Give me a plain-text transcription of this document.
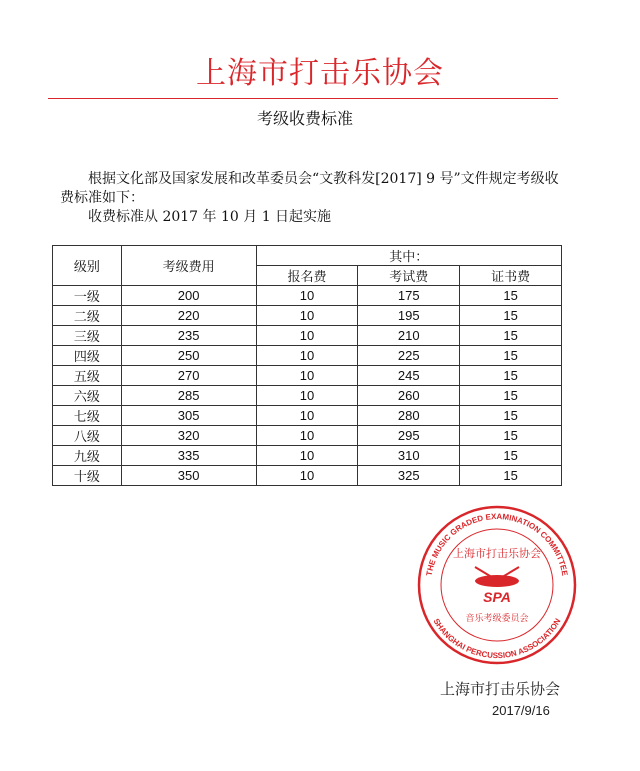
上海市打击乐协会
考级收费标准

根据文化部及国家发展和改革委员会“文教科发[2017] 9 号”文件规定考级收费标准如下：

收费标准从 2017 年 10 月 1 日起实施

级别	考级费用	其中：		
		报名费	考试费	证书费
一级	200	10	175	15
二级	220	10	195	15
三级	235	10	210	15
四级	250	10	225	15
五级	270	10	245	15
六级	285	10	260	15
七级	305	10	280	15
八级	320	10	295	15
九级	335	10	310	15
十级	350	10	325	15
THE MUSIC GRADED EXAMINATION COMMITTEE
SHANGHAI PERCUSSION ASSOCIATION
上海市打击乐协会
SPA
音乐考级委员会
上海市打击乐协会
2017/9/16
